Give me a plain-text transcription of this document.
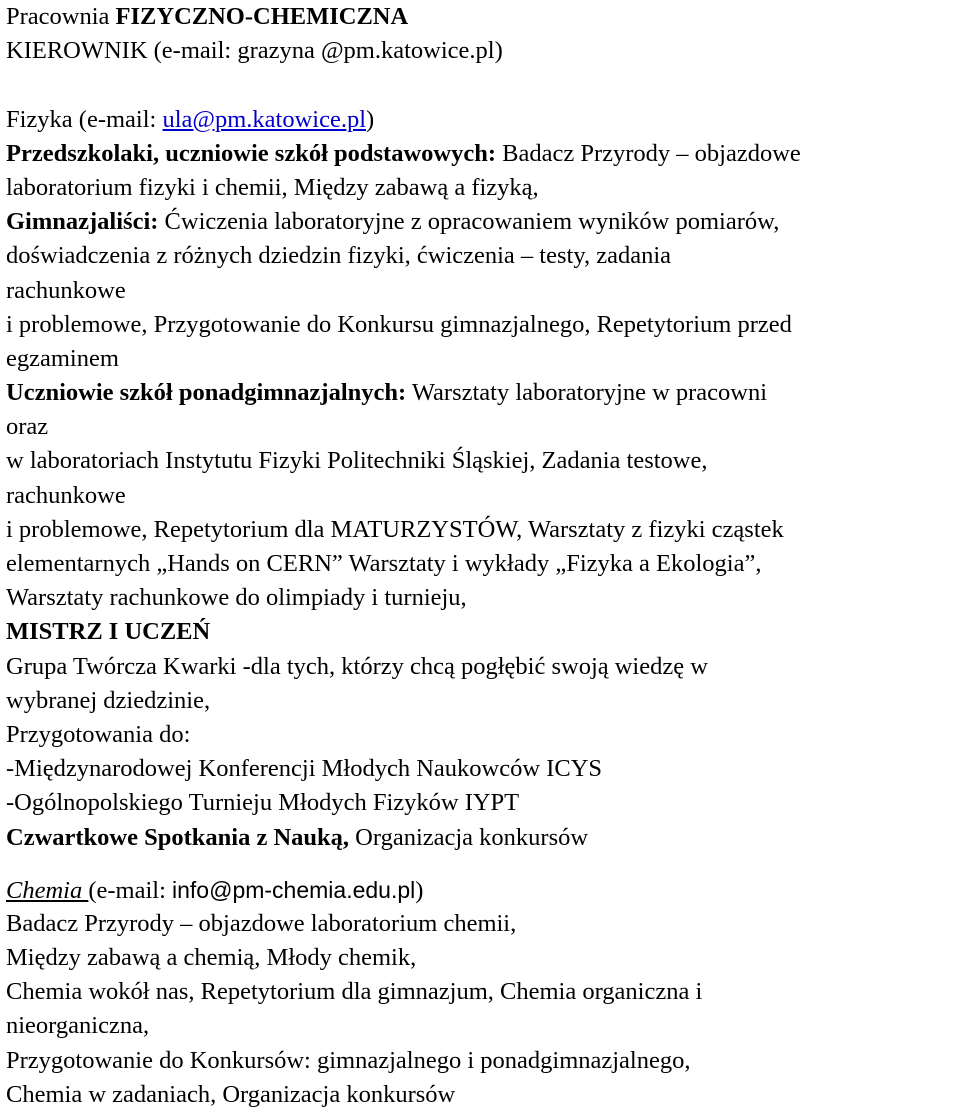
Pracownia FIZYCZNO-CHEMICZNA
KIEROWNIK (e-mail: grazyna @pm.katowice.pl)
Fizyka (e-mail: ula@pm.katowice.pl)
Przedszkolaki, uczniowie szkół podstawowych: Badacz Przyrody – objazdowe
laboratorium fizyki i chemii, Między zabawą a fizyką,
Gimnazjaliści: Ćwiczenia laboratoryjne z opracowaniem wyników pomiarów,
doświadczenia z różnych dziedzin fizyki, ćwiczenia – testy, zadania
rachunkowe
i problemowe, Przygotowanie do Konkursu gimnazjalnego, Repetytorium przed
egzaminem
Uczniowie szkół ponadgimnazjalnych: Warsztaty laboratoryjne w pracowni
oraz
w laboratoriach Instytutu Fizyki Politechniki Śląskiej, Zadania testowe,
rachunkowe
i problemowe, Repetytorium dla MATURZYSTÓW, Warsztaty z fizyki cząstek
elementarnych „Hands on CERN” Warsztaty i wykłady „Fizyka a Ekologia”,
Warsztaty rachunkowe do olimpiady i turnieju,
MISTRZ I UCZEŃ
Grupa Twórcza Kwarki -dla tych, którzy chcą pogłębić swoją wiedzę w
wybranej dziedzinie,
Przygotowania do:
-Międzynarodowej Konferencji Młodych Naukowców ICYS
-Ogólnopolskiego Turnieju Młodych Fizyków IYPT
Czwartkowe Spotkania z Nauką, Organizacja konkursów
Chemia (e-mail: info@pm-chemia.edu.pl)
Badacz Przyrody – objazdowe laboratorium chemii,
Między zabawą a chemią, Młody chemik,
Chemia wokół nas, Repetytorium dla gimnazjum, Chemia organiczna i
nieorganiczna,
Przygotowanie do Konkursów: gimnazjalnego i ponadgimnazjalnego,
Chemia w zadaniach, Organizacja konkursów
